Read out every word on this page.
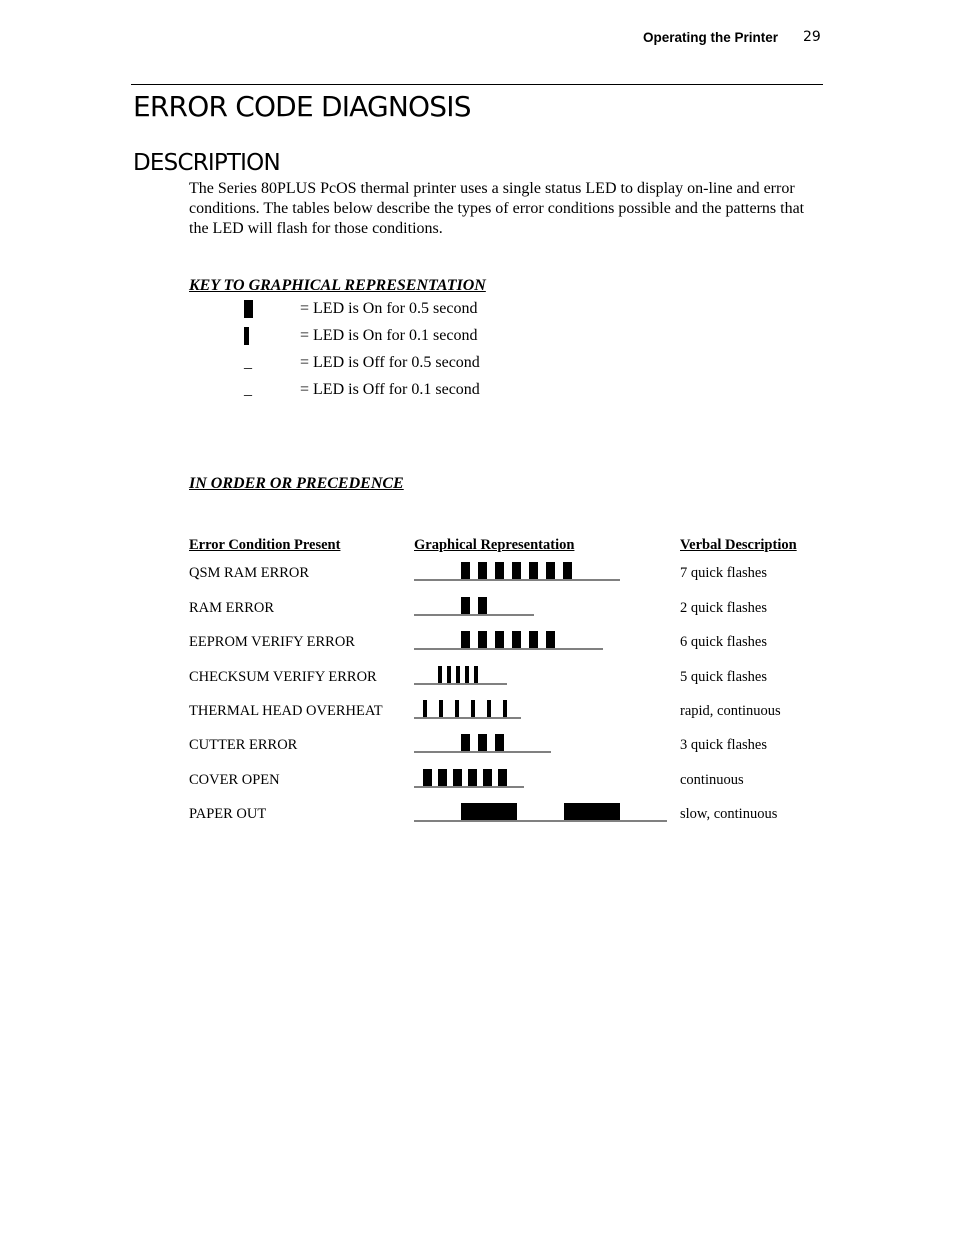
Operating the Printer 29
ERROR CODE DIAGNOSIS
DESCRIPTION

The Series 80PLUS PcOS thermal printer uses a single status LED to display on-line and error conditions. The tables below describe the types of error conditions possible and the patterns that the LED will flash for those conditions.

KEY TO GRAPHICAL REPRESENTATION
= LED is On for 0.5 second
= LED is On for 0.1 second
_	= LED is Off for 0.5 second
_	= LED is Off for 0.1 second
IN ORDER OR PRECEDENCE
Error Condition Present	Graphical Representation	Verbal Description
QSM RAM ERROR	7 quick flashes
RAM ERROR	2 quick flashes
EEPROM VERIFY ERROR	6 quick flashes
CHECKSUM VERIFY ERROR	5 quick flashes
THERMAL HEAD OVERHEAT	rapid, continuous
CUTTER ERROR	3 quick flashes
COVER OPEN	continuous
PAPER OUT	slow, continuous
